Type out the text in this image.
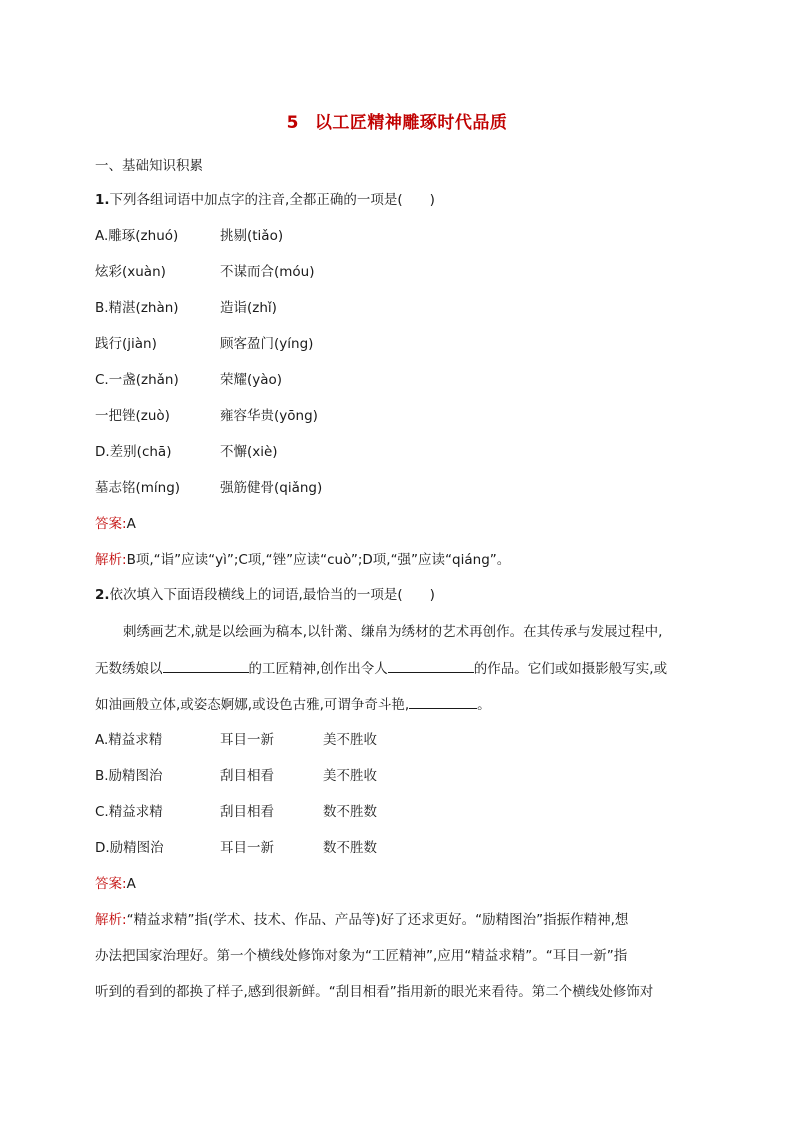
5 以工匠精神雕琢时代品质
一、基础知识积累
1.下列各组词语中加点字的注音,全都正确的一项是(　　)
A.雕琢(zhuó)	挑剔(tiǎo)
炫彩(xuàn)	不谋而合(móu)
B.精湛(zhàn)	造诣(zhǐ)
践行(jiàn)	顾客盈门(yíng)
C.一盏(zhǎn)	荣耀(yào)
一把锉(zuò)	雍容华贵(yōng)
D.差别(chā)	不懈(xiè)
墓志铭(míng)	强筋健骨(qiǎng)
答案:A
解析:B项,“诣”应读“yì”;C项,“锉”应读“cuò”;D项,“强”应读“qiáng”。
2.依次填入下面语段横线上的词语,最恰当的一项是(　　)
刺绣画艺术,就是以绘画为稿本,以针黹、缣帛为绣材的艺术再创作。在其传承与发展过程中,
无数绣娘以	的工匠精神,创作出令人	的作品。它们或如摄影般写实,或
如油画般立体,或姿态婀娜,或设色古雅,可谓争奇斗艳,	。
A.精益求精	耳目一新	美不胜收
B.励精图治	刮目相看	美不胜收
C.精益求精	刮目相看	数不胜数
D.励精图治	耳目一新	数不胜数
答案:A
解析:“精益求精”指(学术、技术、作品、产品等)好了还求更好。“励精图治”指振作精神,想
办法把国家治理好。第一个横线处修饰对象为“工匠精神”,应用“精益求精”。“耳目一新”指
听到的看到的都换了样子,感到很新鲜。“刮目相看”指用新的眼光来看待。第二个横线处修饰对
